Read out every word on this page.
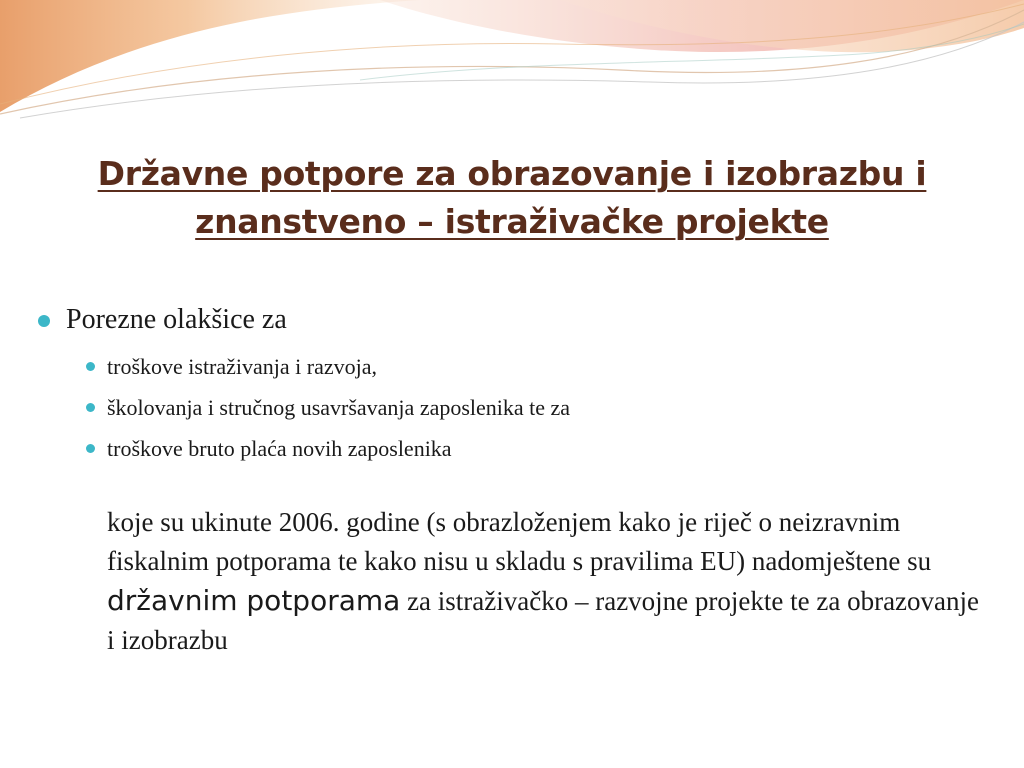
Državne potpore za obrazovanje i izobrazbu i znanstveno – istraživačke projekte
Porezne olakšice za
troškove istraživanja i razvoja,
školovanja i stručnog usavršavanja zaposlenika te za
troškove bruto plaća novih zaposlenika
koje su ukinute 2006. godine (s obrazloženjem kako je riječ o neizravnim fiskalnim potporama te kako nisu u skladu s pravilima EU) nadomještene su državnim potporama za istraživačko – razvojne projekte te za obrazovanje i izobrazbu
